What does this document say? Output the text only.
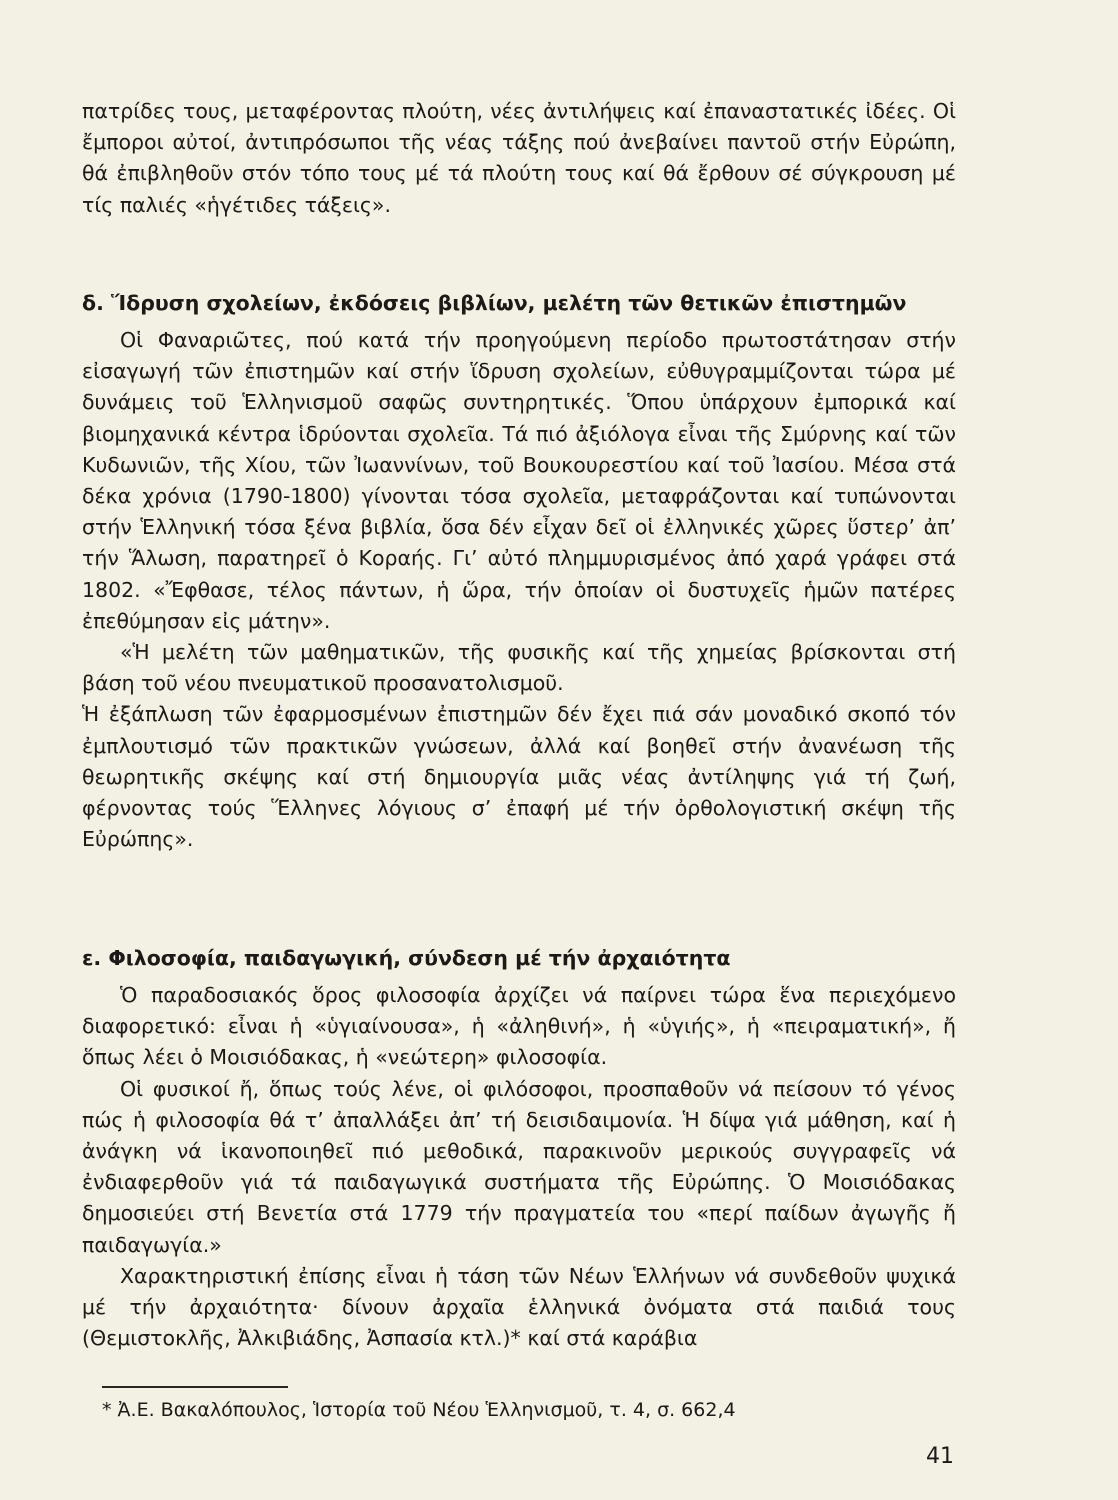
πατρίδες τους, μεταφέροντας πλούτη, νέες ἀντιλήψεις καί ἐπαναστατικές ἰδέες. Οἱ ἔμποροι αὐτοί, ἀντιπρόσωποι τῆς νέας τάξης πού ἀνεβαίνει παντοῦ στήν Εὐρώπη, θά ἐπιβληθοῦν στόν τόπο τους μέ τά πλούτη τους καί θά ἔρθουν σέ σύγκρουση μέ τίς παλιές «ἡγέτιδες τάξεις».

δ. Ἵδρυση σχολείων, ἐκδόσεις βιβλίων, μελέτη τῶν θετικῶν ἐπιστημῶν

Οἱ Φαναριῶτες, πού κατά τήν προηγούμενη περίοδο πρωτοστάτησαν στήν εἰσαγωγή τῶν ἐπιστημῶν καί στήν ἵδρυση σχολείων, εὐθυγραμμίζονται τώρα μέ δυνάμεις τοῦ Ἑλληνισμοῦ σαφῶς συντηρητικές. Ὅπου ὑπάρχουν ἐμπορικά καί βιομηχανικά κέντρα ἱδρύονται σχολεῖα. Τά πιό ἀξιόλογα εἶναι τῆς Σμύρνης καί τῶν Κυδωνιῶν, τῆς Χίου, τῶν Ἰωαννίνων, τοῦ Βουκουρεστίου καί τοῦ Ἰασίου. Μέσα στά δέκα χρόνια (1790-1800) γίνονται τόσα σχολεῖα, μεταφράζονται καί τυπώνονται στήν Ἑλληνική τόσα ξένα βιβλία, ὅσα δέν εἶχαν δεῖ οἱ ἐλληνικές χῶρες ὕστερ’ ἀπ’ τήν Ἅλωση, παρατηρεῖ ὁ Κοραής. Γι’ αὐτό πλημμυρισμένος ἀπό χαρά γράφει στά 1802. «Ἔφθασε, τέλος πάντων, ἡ ὥρα, τήν ὁποίαν οἱ δυστυχεῖς ἡμῶν πατέρες ἐπεθύμησαν εἰς μάτην».

«Ἡ μελέτη τῶν μαθηματικῶν, τῆς φυσικῆς καί τῆς χημείας βρίσκονται στή βάση τοῦ νέου πνευματικοῦ προσανατολισμοῦ.

Ἡ ἐξάπλωση τῶν ἐφαρμοσμένων ἐπιστημῶν δέν ἔχει πιά σάν μοναδικό σκοπό τόν ἐμπλουτισμό τῶν πρακτικῶν γνώσεων, ἀλλά καί βοηθεῖ στήν ἀνανέωση τῆς θεωρητικῆς σκέψης καί στή δημιουργία μιᾶς νέας ἀντίληψης γιά τή ζωή, φέρνοντας τούς Ἕλληνες λόγιους σ’ ἐπαφή μέ τήν ὀρθολογιστική σκέψη τῆς Εὐρώπης».

ε. Φιλοσοφία, παιδαγωγική, σύνδεση μέ τήν ἀρχαιότητα

Ὁ παραδοσιακός ὅρος φιλοσοφία ἀρχίζει νά παίρνει τώρα ἕνα περιεχόμενο διαφορετικό: εἶναι ἡ «ὑγιαίνουσα», ἡ «ἀληθινή», ἡ «ὑγιής», ἡ «πειραματική», ἤ ὅπως λέει ὁ Μοισιόδακας, ἡ «νεώτερη» φιλοσοφία.

Οἱ φυσικοί ἤ, ὅπως τούς λένε, οἱ φιλόσοφοι, προσπαθοῦν νά πείσουν τό γένος πώς ἡ φιλοσοφία θά τ’ ἀπαλλάξει ἀπ’ τή δεισιδαιμονία. Ἡ δίψα γιά μάθηση, καί ἡ ἀνάγκη νά ἱκανοποιηθεῖ πιό μεθοδικά, παρακινοῦν μερικούς συγγραφεῖς νά ἐνδιαφερθοῦν γιά τά παιδαγωγικά συστήματα τῆς Εὐρώπης. Ὁ Μοισιόδακας δημοσιεύει στή Βενετία στά 1779 τήν πραγματεία του «περί παίδων ἀγωγῆς ἤ παιδαγωγία.»

Χαρακτηριστική ἐπίσης εἶναι ἡ τάση τῶν Νέων Ἑλλήνων νά συνδεθοῦν ψυχικά μέ τήν ἀρχαιότητα· δίνουν ἀρχαῖα ἑλληνικά ὀνόματα στά παιδιά τους (Θεμιστοκλῆς, Ἀλκιβιάδης, Ἀσπασία κτλ.)* καί στά καράβια

* Ἀ.Ε. Βακαλόπουλος, Ἱστορία τοῦ Νέου Ἑλληνισμοῦ, τ. 4, σ. 662,4

41
